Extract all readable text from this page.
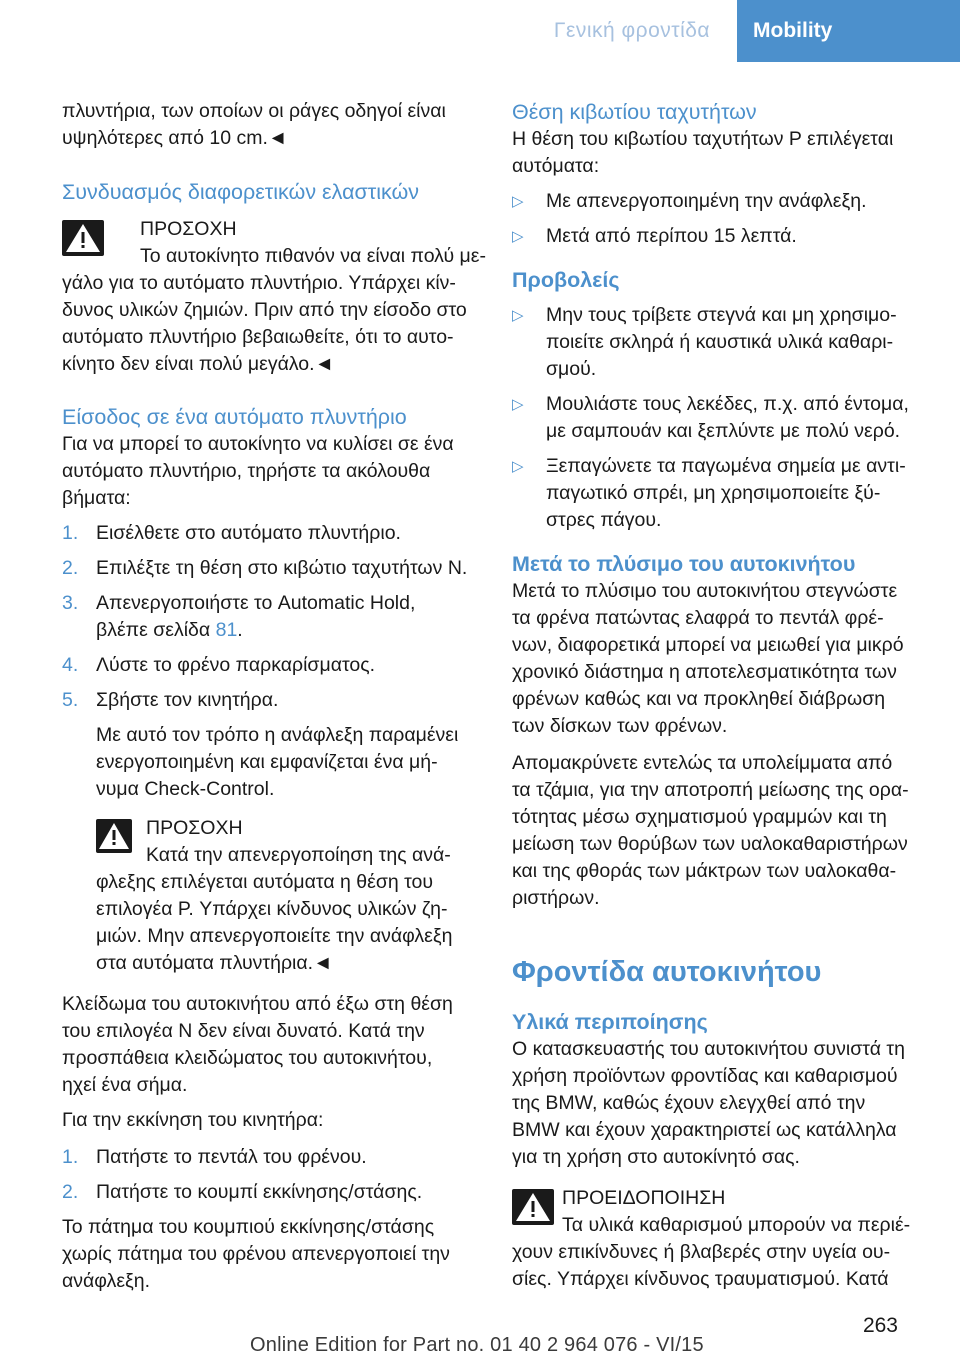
Γενική φροντίδα	Mobility

πλυντήρια, των οποίων οι ράγες οδηγοί είναι

υψηλότερες από 10 cm.◄

Συνδυασμός διαφορετικών ελαστικών

ΠΡΟΣΟΧΗ

Το αυτοκίνητο πιθανόν να είναι πολύ με-

γάλο για το αυτόματο πλυντήριο. Υπάρχει κίν-

δυνος υλικών ζημιών. Πριν από την είσοδο στο

αυτόματο πλυντήριο βεβαιωθείτε, ότι το αυτο-

κίνητο δεν είναι πολύ μεγάλο.◄

Είσοδος σε ένα αυτόματο πλυντήριο

Για να μπορεί το αυτοκίνητο να κυλίσει σε ένα

αυτόματο πλυντήριο, τηρήστε τα ακόλουθα

βήματα:

1. Εισέλθετε στο αυτόματο πλυντήριο.
2. Επιλέξτε τη θέση στο κιβώτιο ταχυτήτων N.
3. Απενεργοποιήστε το Automatic Hold,
βλέπε σελίδα 81.
4. Λύστε το φρένο παρκαρίσματος.
5. Σβήστε τον κινητήρα.

Με αυτό τον τρόπο η ανάφλεξη παραμένει

ενεργοποιημένη και εμφανίζεται ένα μή-

νυμα Check-Control.

ΠΡΟΣΟΧΗ

Κατά την απενεργοποίηση της ανά-

φλεξης επιλέγεται αυτόματα η θέση του

επιλογέα P. Υπάρχει κίνδυνος υλικών ζη-

μιών. Μην απενεργοποιείτε την ανάφλεξη

στα αυτόματα πλυντήρια.◄

Κλείδωμα του αυτοκινήτου από έξω στη θέση

του επιλογέα N δεν είναι δυνατό. Κατά την

προσπάθεια κλειδώματος του αυτοκινήτου,

ηχεί ένα σήμα.

Για την εκκίνηση του κινητήρα:

1. Πατήστε το πεντάλ του φρένου.
2. Πατήστε το κουμπί εκκίνησης/στάσης.

Το πάτημα του κουμπιού εκκίνησης/στάσης

χωρίς πάτημα του φρένου απενεργοποιεί την

ανάφλεξη.

Θέση κιβωτίου ταχυτήτων

Η θέση του κιβωτίου ταχυτήτων P επιλέγεται

αυτόματα:

▷ Με απενεργοποιημένη την ανάφλεξη.
▷ Μετά από περίπου 15 λεπτά.
Προβολείς
▷ Μην τους τρίβετε στεγνά και μη χρησιμο-
ποιείτε σκληρά ή καυστικά υλικά καθαρι-
σμού.
▷ Μουλιάστε τους λεκέδες, π.χ. από έντομα,
με σαμπουάν και ξεπλύντε με πολύ νερό.
▷ Ξεπαγώνετε τα παγωμένα σημεία με αντι-
παγωτικό σπρέι, μη χρησιμοποιείτε ξύ-
στρες πάγου.
Μετά το πλύσιμο του αυτοκινήτου

Μετά το πλύσιμο του αυτοκινήτου στεγνώστε

τα φρένα πατώντας ελαφρά το πεντάλ φρέ-

νων, διαφορετικά μπορεί να μειωθεί για μικρό

χρονικό διάστημα η αποτελεσματικότητα των

φρένων καθώς και να προκληθεί διάβρωση

των δίσκων των φρένων.

Απομακρύνετε εντελώς τα υπολείμματα από

τα τζάμια, για την αποτροπή μείωσης της ορα-

τότητας μέσω σχηματισμού γραμμών και τη

μείωση των θορύβων των υαλοκαθαριστήρων

και της φθοράς των μάκτρων των υαλοκαθα-

ριστήρων.

Φροντίδα αυτοκινήτου
Υλικά περιποίησης

Ο κατασκευαστής του αυτοκινήτου συνιστά τη

χρήση προϊόντων φροντίδας και καθαρισμού

της BMW, καθώς έχουν ελεγχθεί από την

BMW και έχουν χαρακτηριστεί ως κατάλληλα

για τη χρήση στο αυτοκίνητό σας.

ΠΡΟΕΙΔΟΠΟΙΗΣΗ

Τα υλικά καθαρισμού μπορούν να περιέ-

χουν επικίνδυνες ή βλαβερές στην υγεία ου-

σίες. Υπάρχει κίνδυνος τραυματισμού. Κατά

263
Online Edition for Part no. 01 40 2 964 076 - VI/15
